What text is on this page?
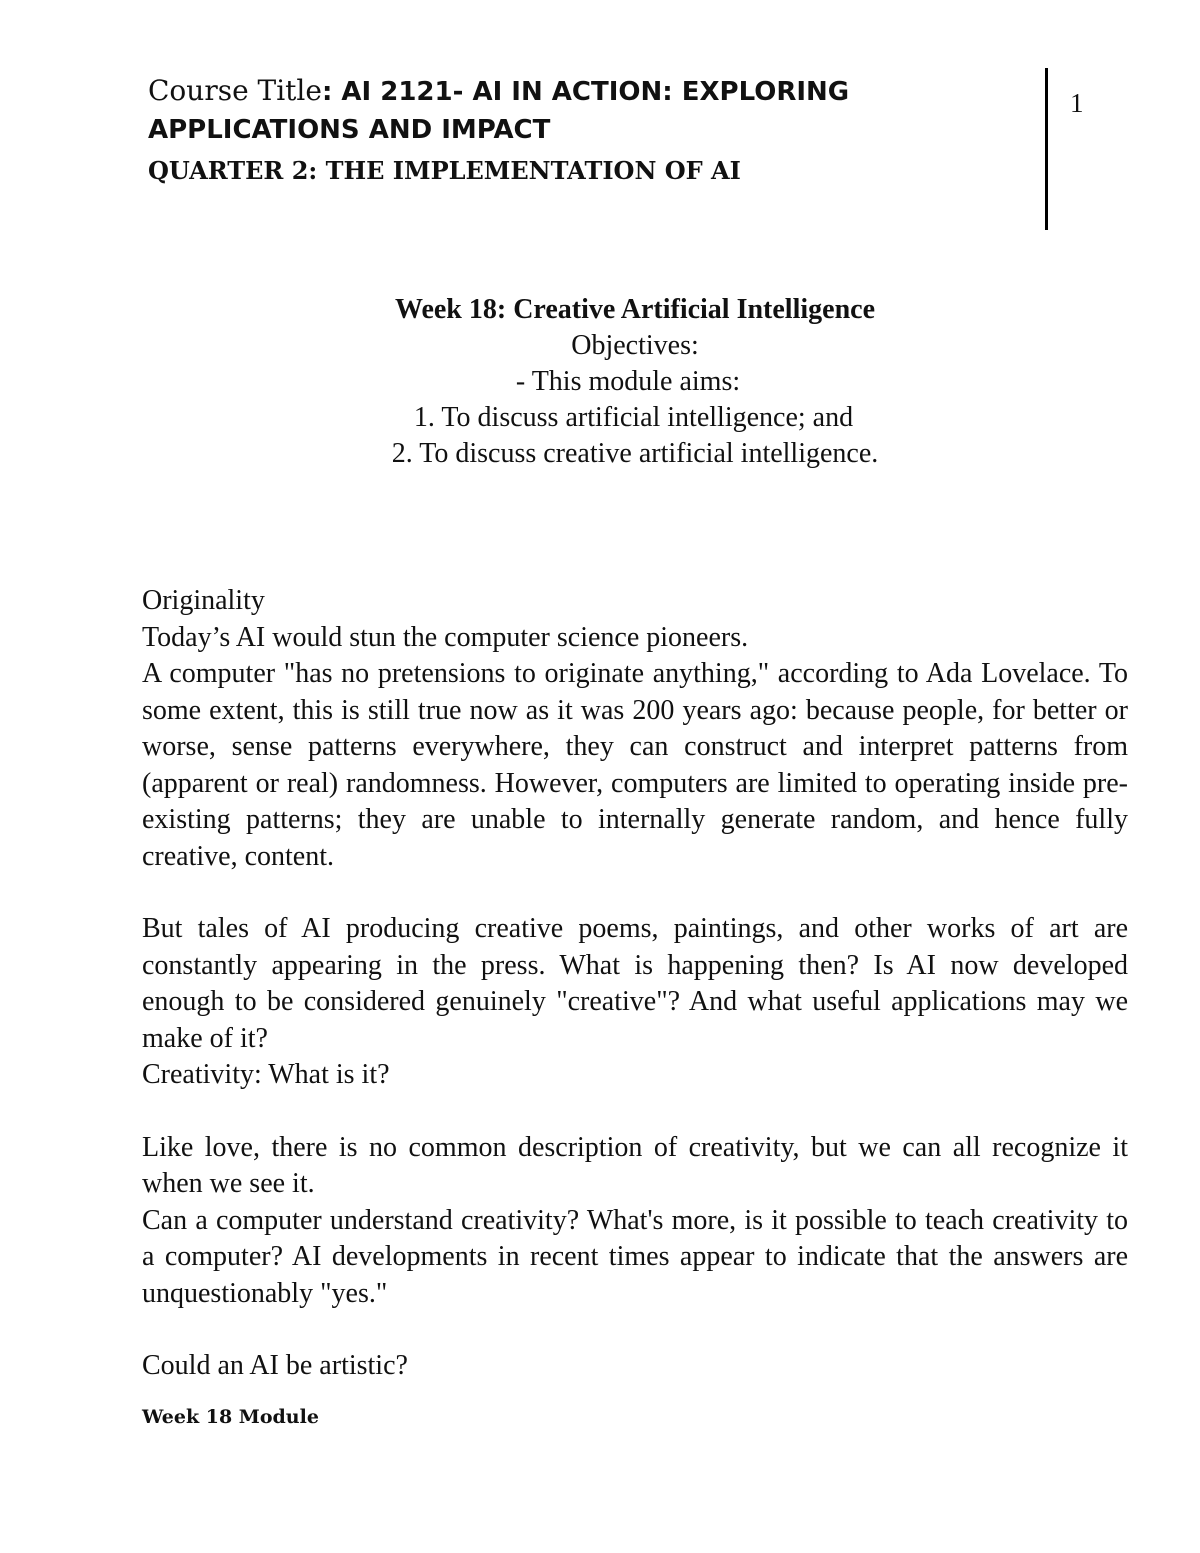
Course Title: AI 2121- AI IN ACTION: EXPLORING
APPLICATIONS AND IMPACT
QUARTER 2: THE IMPLEMENTATION OF AI
1
Week 18: Creative Artificial Intelligence
Objectives:
- This module aims:
1. To discuss artificial intelligence; and
2. To discuss creative artificial intelligence.

Originality

Today’s AI would stun the computer science pioneers.

A computer "has no pretensions to originate anything," according to Ada Lovelace. To some extent, this is still true now as it was 200 years ago: because people, for better or worse, sense patterns everywhere, they can construct and interpret patterns from (apparent or real) randomness. However, computers are limited to operating inside pre-existing patterns; they are unable to internally generate random, and hence fully creative, content.

But tales of AI producing creative poems, paintings, and other works of art are constantly appearing in the press. What is happening then? Is AI now developed enough to be considered genuinely "creative"? And what useful applications may we make of it?

Creativity: What is it?

Like love, there is no common description of creativity, but we can all recognize it when we see it.

Can a computer understand creativity? What's more, is it possible to teach creativity to a computer? AI developments in recent times appear to indicate that the answers are unquestionably "yes."

Could an AI be artistic?

Week 18 Module
